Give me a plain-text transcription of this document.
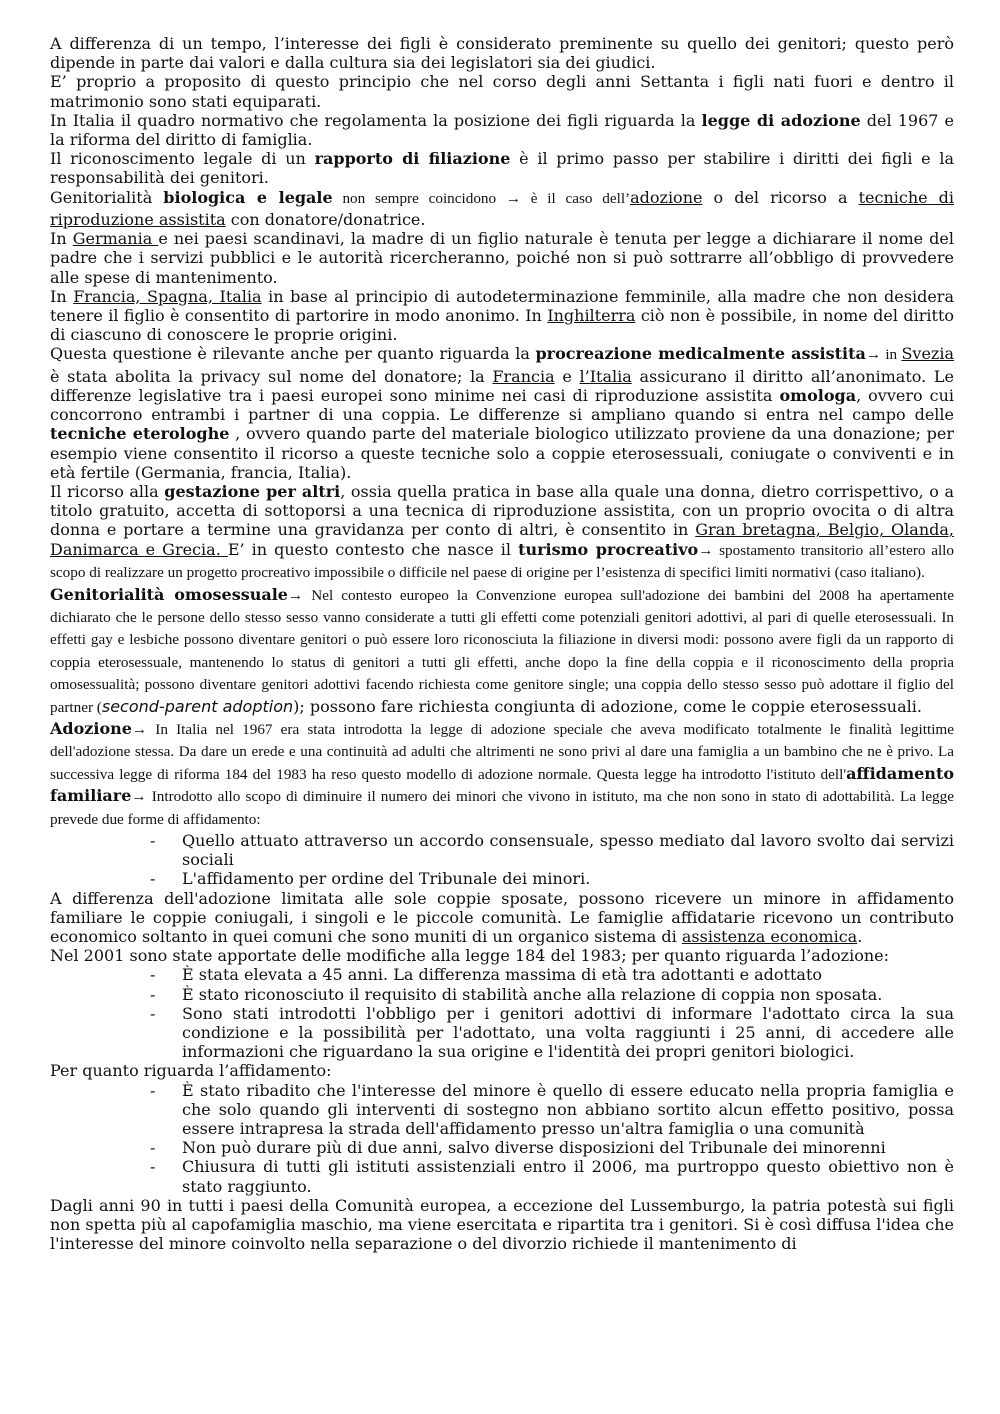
A differenza di un tempo, l’interesse dei figli è considerato preminente su quello dei genitori; questo però dipende in parte dai valori e dalla cultura sia dei legislatori sia dei giudici.

E’ proprio a proposito di questo principio che nel corso degli anni Settanta i figli nati fuori e dentro il matrimonio sono stati equiparati.

In Italia il quadro normativo che regolamenta la posizione dei figli riguarda la legge di adozione del 1967 e la riforma del diritto di famiglia.

Il riconoscimento legale di un rapporto di filiazione è il primo passo per stabilire i diritti dei figli e la responsabilità dei genitori.

Genitorialità biologica e legale non sempre coincidono → è il caso dell’adozione o del ricorso a tecniche di riproduzione assistita con donatore/donatrice.

In Germania e nei paesi scandinavi, la madre di un figlio naturale è tenuta per legge a dichiarare il nome del padre che i servizi pubblici e le autorità ricercheranno, poiché non si può sottrarre all’obbligo di provvedere alle spese di mantenimento.

In Francia, Spagna, Italia in base al principio di autodeterminazione femminile, alla madre che non desidera tenere il figlio è consentito di partorire in modo anonimo. In Inghilterra ciò non è possibile, in nome del diritto di ciascuno di conoscere le proprie origini.

Questa questione è rilevante anche per quanto riguarda la procreazione medicalmente assistita→ in Svezia è stata abolita la privacy sul nome del donatore; la Francia e l’Italia assicurano il diritto all’anonimato. Le differenze legislative tra i paesi europei sono minime nei casi di riproduzione assistita omologa, ovvero cui concorrono entrambi i partner di una coppia. Le differenze si ampliano quando si entra nel campo delle tecniche eterologhe , ovvero quando parte del materiale biologico utilizzato proviene da una donazione; per esempio viene consentito il ricorso a queste tecniche solo a coppie eterosessuali, coniugate o conviventi e in età fertile (Germania, francia, Italia).

Il ricorso alla gestazione per altri, ossia quella pratica in base alla quale una donna, dietro corrispettivo, o a titolo gratuito, accetta di sottoporsi a una tecnica di riproduzione assistita, con un proprio ovocita o di altra donna e portare a termine una gravidanza per conto di altri, è consentito in Gran bretagna, Belgio, Olanda, Danimarca e Grecia. E’ in questo contesto che nasce il turismo procreativo→ spostamento transitorio all’estero allo scopo di realizzare un progetto procreativo impossibile o difficile nel paese di origine per l’esistenza di specifici limiti normativi (caso italiano).

Genitorialità omosessuale→ Nel contesto europeo la Convenzione europea sull'adozione dei bambini del 2008 ha apertamente dichiarato che le persone dello stesso sesso vanno considerate a tutti gli effetti come potenziali genitori adottivi, al pari di quelle eterosessuali. In effetti gay e lesbiche possono diventare genitori o può essere loro riconosciuta la filiazione in diversi modi: possono avere figli da un rapporto di coppia eterosessuale, mantenendo lo status di genitori a tutti gli effetti, anche dopo la fine della coppia e il riconoscimento della propria omosessualità; possono diventare genitori adottivi facendo richiesta come genitore single; una coppia dello stesso sesso può adottare il figlio del partner (second-parent adoption); possono fare richiesta congiunta di adozione, come le coppie eterosessuali.

Adozione→ In Italia nel 1967 era stata introdotta la legge di adozione speciale che aveva modificato totalmente le finalità legittime dell'adozione stessa. Da dare un erede e una continuità ad adulti che altrimenti ne sono privi al dare una famiglia a un bambino che ne è privo. La successiva legge di riforma 184 del 1983 ha reso questo modello di adozione normale. Questa legge ha introdotto l'istituto dell'affidamento familiare→ Introdotto allo scopo di diminuire il numero dei minori che vivono in istituto, ma che non sono in stato di adottabilità. La legge prevede due forme di affidamento:

- Quello attuato attraverso un accordo consensuale, spesso mediato dal lavoro svolto dai servizi sociali
- L'affidamento per ordine del Tribunale dei minori.

A differenza dell'adozione limitata alle sole coppie sposate, possono ricevere un minore in affidamento familiare le coppie coniugali, i singoli e le piccole comunità. Le famiglie affidatarie ricevono un contributo economico soltanto in quei comuni che sono muniti di un organico sistema di assistenza economica.

Nel 2001 sono state apportate delle modifiche alla legge 184 del 1983; per quanto riguarda l’adozione:

- È stata elevata a 45 anni. La differenza massima di età tra adottanti e adottato
- È stato riconosciuto il requisito di stabilità anche alla relazione di coppia non sposata.
- Sono stati introdotti l'obbligo per i genitori adottivi di informare l'adottato circa la sua condizione e la possibilità per l'adottato, una volta raggiunti i 25 anni, di accedere alle informazioni che riguardano la sua origine e l'identità dei propri genitori biologici.

Per quanto riguarda l’affidamento:

- È stato ribadito che l'interesse del minore è quello di essere educato nella propria famiglia e che solo quando gli interventi di sostegno non abbiano sortito alcun effetto positivo, possa essere intrapresa la strada dell'affidamento presso un'altra famiglia o una comunità
- Non può durare più di due anni, salvo diverse disposizioni del Tribunale dei minorenni
- Chiusura di tutti gli istituti assistenziali entro il 2006, ma purtroppo questo obiettivo non è stato raggiunto.

Dagli anni 90 in tutti i paesi della Comunità europea, a eccezione del Lussemburgo, la patria potestà sui figli non spetta più al capofamiglia maschio, ma viene esercitata e ripartita tra i genitori. Si è così diffusa l'idea che l'interesse del minore coinvolto nella separazione o del divorzio richiede il mantenimento di
